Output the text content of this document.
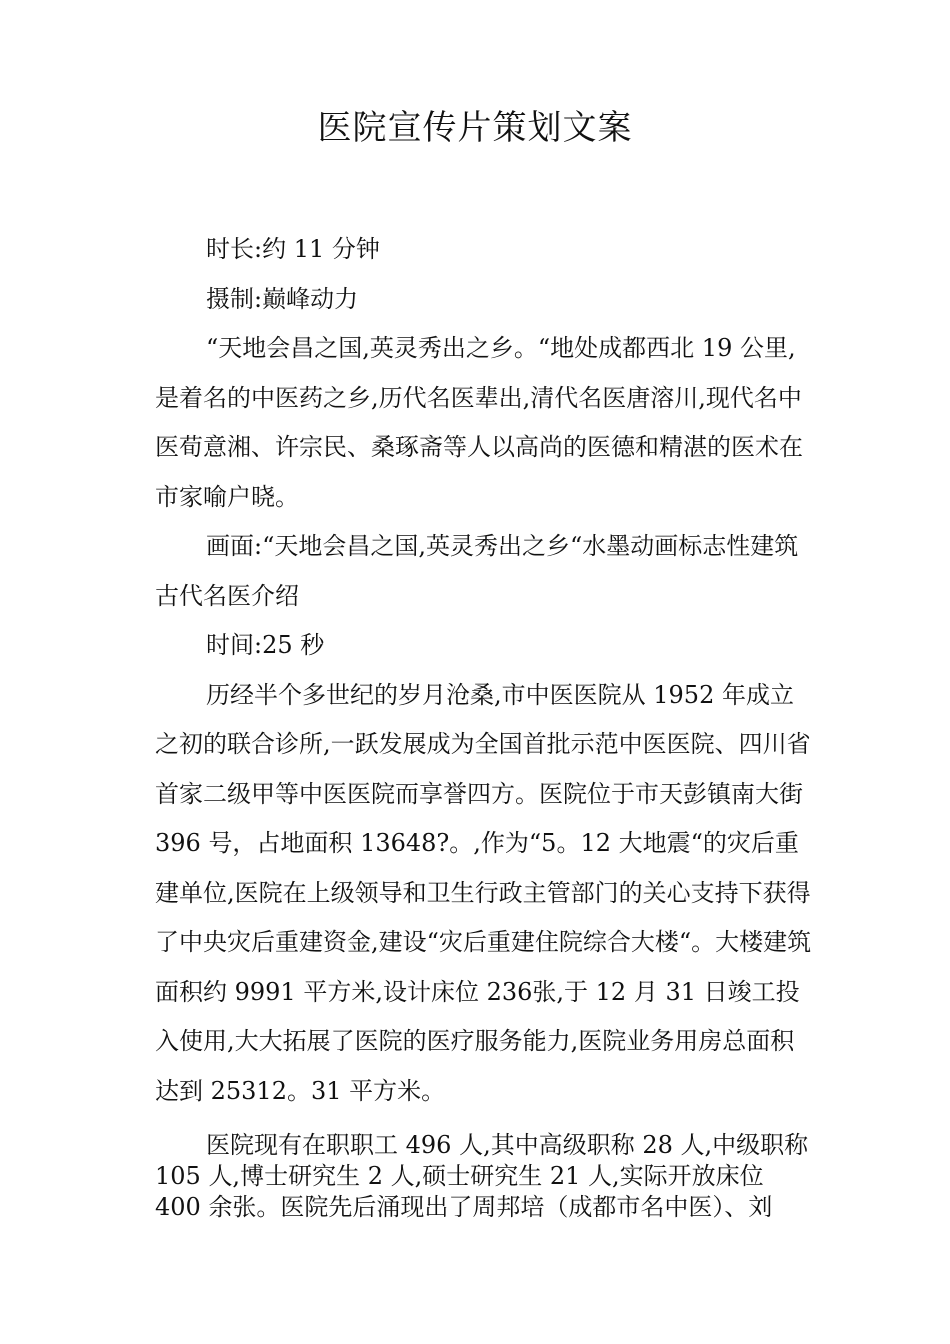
医院宣传片策划文案

时长:约 11 分钟

摄制:巅峰动力

“天地会昌之国,英灵秀出之乡。“地处成都西北 19 公里,是着名的中医药之乡,历代名医辈出,清代名医唐溶川,现代名中医荀意湘、许宗民、桑琢斋等人以高尚的医德和精湛的医术在市家喻户晓。

画面:“天地会昌之国,英灵秀出之乡“水墨动画标志性建筑古代名医介绍

时间:25 秒

历经半个多世纪的岁月沧桑,市中医医院从 1952 年成立之初的联合诊所,一跃发展成为全国首批示范中医医院、四川省首家二级甲等中医医院而享誉四方。医院位于市天彭镇南大街 396 号，占地面积 13648?。,作为“5。12 大地震“的灾后重建单位,医院在上级领导和卫生行政主管部门的关心支持下获得了中央灾后重建资金,建设“灾后重建住院综合大楼“。大楼建筑面积约 9991 平方米,设计床位 236张,于 12 月 31 日竣工投入使用,大大拓展了医院的医疗服务能力,医院业务用房总面积达到 25312。31 平方米。

医院现有在职职工 496 人,其中高级职称 28 人,中级职称 105 人,博士研究生 2 人,硕士研究生 21 人,实际开放床位 400 余张。医院先后涌现出了周邦培（成都市名中医）、刘
